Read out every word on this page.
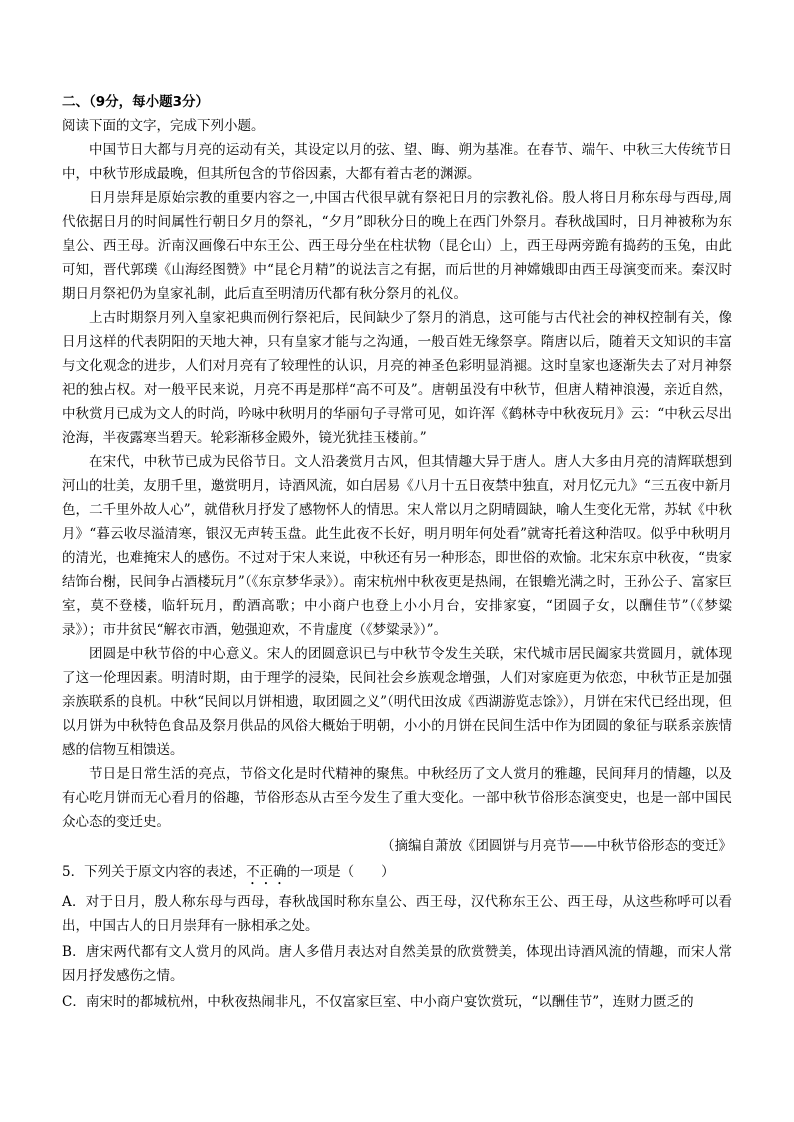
二、（9分，每小题3分）

阅读下面的文字，完成下列小题。

中国节日大都与月亮的运动有关，其设定以月的弦、望、晦、朔为基准。在春节、端午、中秋三大传统节日中，中秋节形成最晚，但其所包含的节俗因素，大都有着古老的渊源。

日月崇拜是原始宗教的重要内容之一,中国古代很早就有祭祀日月的宗教礼俗。殷人将日月称东母与西母,周代依据日月的时间属性行朝日夕月的祭礼，“夕月”即秋分日的晚上在西门外祭月。春秋战国时，日月神被称为东皇公、西王母。沂南汉画像石中东王公、西王母分坐在柱状物（昆仑山）上，西王母两旁跪有捣药的玉兔，由此可知，晋代郭璞《山海经图赞》中“昆仑月精”的说法言之有据，而后世的月神嫦娥即由西王母演变而来。秦汉时期日月祭祀仍为皇家礼制，此后直至明清历代都有秋分祭月的礼仪。

上古时期祭月列入皇家祀典而例行祭祀后，民间缺少了祭月的消息，这可能与古代社会的神权控制有关，像日月这样的代表阴阳的天地大神，只有皇家才能与之沟通，一般百姓无缘祭享。隋唐以后，随着天文知识的丰富与文化观念的进步，人们对月亮有了较理性的认识，月亮的神圣色彩明显消褪。这时皇家也逐渐失去了对月神祭祀的独占权。对一般平民来说，月亮不再是那样“高不可及”。唐朝虽没有中秋节，但唐人精神浪漫，亲近自然，中秋赏月已成为文人的时尚，吟咏中秋明月的华丽句子寻常可见，如许浑《鹤林寺中秋夜玩月》云：“中秋云尽出沧海，半夜露寒当碧天。轮彩渐移金殿外，镜光犹挂玉楼前。”

在宋代，中秋节已成为民俗节日。文人沿袭赏月古风，但其情趣大异于唐人。唐人大多由月亮的清辉联想到河山的壮美，友朋千里，邀赏明月，诗酒风流，如白居易《八月十五日夜禁中独直，对月忆元九》“三五夜中新月色，二千里外故人心”，就借秋月抒发了感物怀人的情思。宋人常以月之阴晴圆缺，喻人生变化无常，苏轼《中秋月》“暮云收尽溢清寒，银汉无声转玉盘。此生此夜不长好，明月明年何处看”就寄托着这种浩叹。似乎中秋明月的清光，也难掩宋人的感伤。不过对于宋人来说，中秋还有另一种形态，即世俗的欢愉。北宋东京中秋夜，“贵家结饰台榭，民间争占酒楼玩月”（《东京梦华录》）。南宋杭州中秋夜更是热闹，在银蟾光满之时，王孙公子、富家巨室，莫不登楼，临轩玩月，酌酒高歌；中小商户也登上小小月台，安排家宴，“团圆子女，以酬佳节”（《梦粱录》）；市井贫民“解衣市酒，勉强迎欢，不肯虚度（《梦粱录》）”。

团圆是中秋节俗的中心意义。宋人的团圆意识已与中秋节令发生关联，宋代城市居民阖家共赏圆月，就体现了这一伦理因素。明清时期，由于理学的浸染，民间社会乡族观念增强，人们对家庭更为依恋，中秋节正是加强亲族联系的良机。中秋“民间以月饼相遗，取团圆之义”（明代田汝成《西湖游览志馀》），月饼在宋代已经出现，但以月饼为中秋特色食品及祭月供品的风俗大概始于明朝，小小的月饼在民间生活中作为团圆的象征与联系亲族情感的信物互相馈送。

节日是日常生活的亮点，节俗文化是时代精神的聚焦。中秋经历了文人赏月的雅趣，民间拜月的情趣，以及有心吃月饼而无心看月的俗趣，节俗形态从古至今发生了重大变化。一部中秋节俗形态演变史，也是一部中国民众心态的变迁史。

（摘编自萧放《团圆饼与月亮节——中秋节俗形态的变迁》

5．下列关于原文内容的表述，不正确的一项是（　　）

A．对于日月，殷人称东母与西母，春秋战国时称东皇公、西王母，汉代称东王公、西王母，从这些称呼可以看出，中国古人的日月崇拜有一脉相承之处。

B．唐宋两代都有文人赏月的风尚。唐人多借月表达对自然美景的欣赏赞美，体现出诗酒风流的情趣，而宋人常因月抒发感伤之情。

C．南宋时的都城杭州，中秋夜热闹非凡，不仅富家巨室、中小商户宴饮赏玩，“以酬佳节”，连财力匮乏的
